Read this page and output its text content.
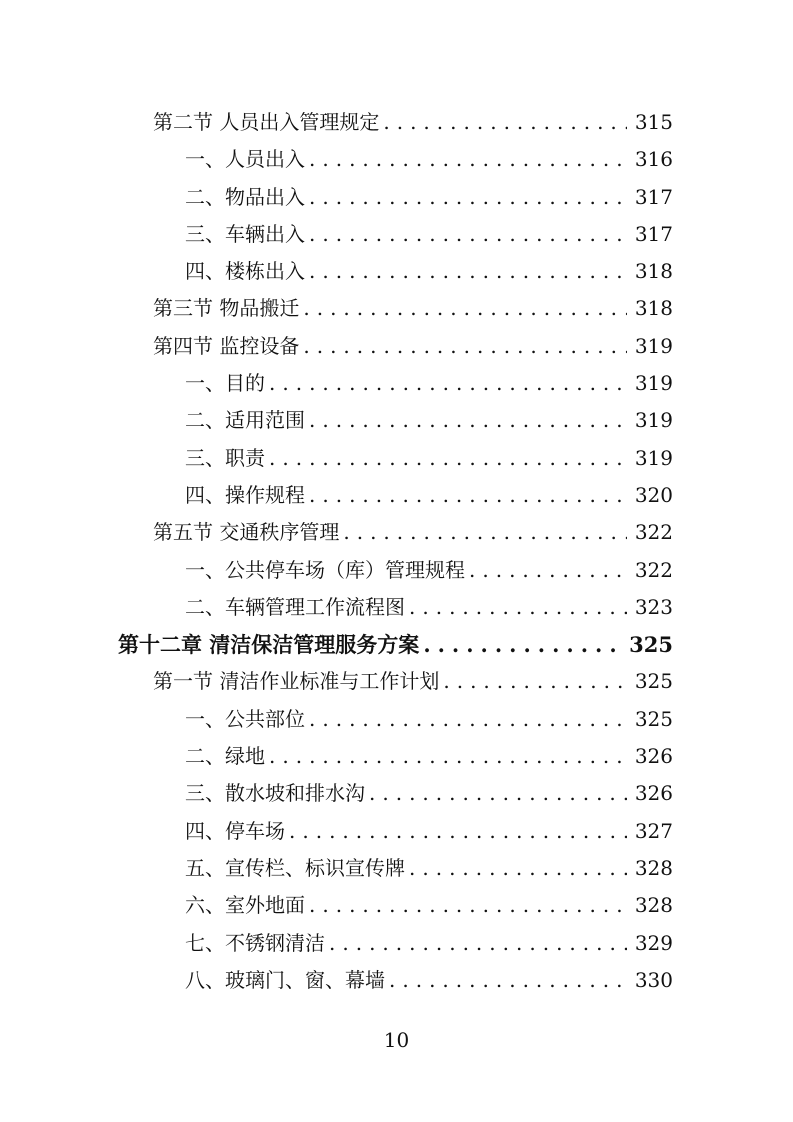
第二节 人员出入管理规定 .....	315
一、人员出入 .....	316
二、物品出入 .....	317
三、车辆出入 .....	317
四、楼栋出入 .....	318
第三节 物品搬迁 .....	318
第四节 监控设备 .....	319
一、目的 .....	319
二、适用范围 .....	319
三、职责 .....	319
四、操作规程 .....	320
第五节 交通秩序管理 .....	322
一、公共停车场（库）管理规程 .....	322
二、车辆管理工作流程图 .....	323
第十二章 清洁保洁管理服务方案 .....	325
第一节 清洁作业标准与工作计划 .....	325
一、公共部位 .....	325
二、绿地 .....	326
三、散水坡和排水沟 .....	326
四、停车场 .....	327
五、宣传栏、标识宣传牌 .....	328
六、室外地面 .....	328
七、不锈钢清洁 .....	329
八、玻璃门、窗、幕墙 .....	330
10
